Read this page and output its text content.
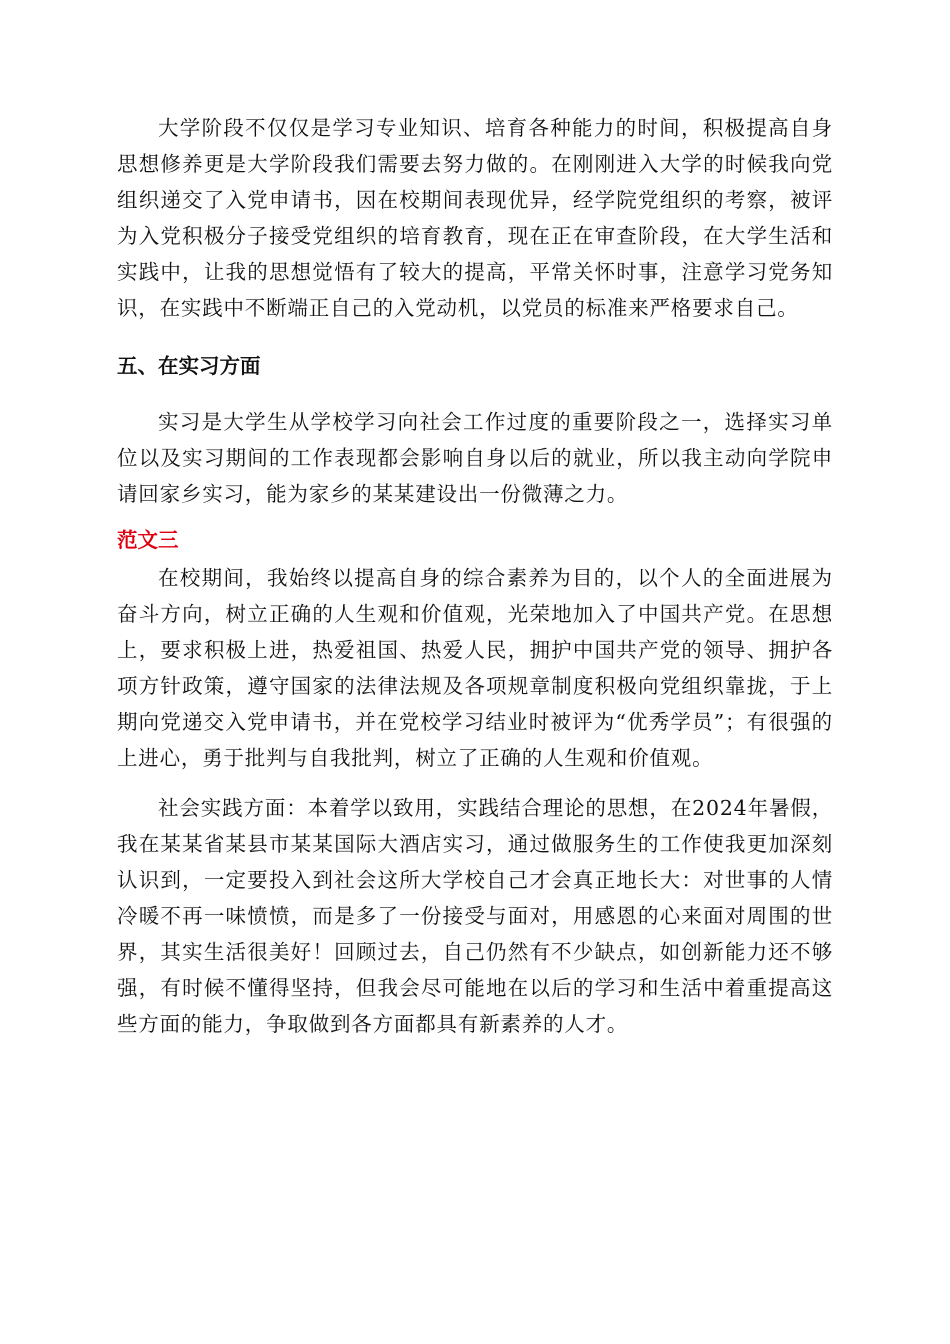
大学阶段不仅仅是学习专业知识、培育各种能力的时间，积极提高自身思想修养更是大学阶段我们需要去努力做的。在刚刚进入大学的时候我向党组织递交了入党申请书，因在校期间表现优异，经学院党组织的考察，被评为入党积极分子接受党组织的培育教育，现在正在审查阶段，在大学生活和实践中，让我的思想觉悟有了较大的提高，平常关怀时事，注意学习党务知识，在实践中不断端正自己的入党动机，以党员的标准来严格要求自己。

五、在实习方面

实习是大学生从学校学习向社会工作过度的重要阶段之一，选择实习单位以及实习期间的工作表现都会影响自身以后的就业，所以我主动向学院申请回家乡实习，能为家乡的某某建设出一份微薄之力。

范文三

在校期间，我始终以提高自身的综合素养为目的，以个人的全面进展为奋斗方向，树立正确的人生观和价值观，光荣地加入了中国共产党。在思想上，要求积极上进，热爱祖国、热爱人民，拥护中国共产党的领导、拥护各项方针政策，遵守国家的法律法规及各项规章制度积极向党组织靠拢，于上期向党递交入党申请书，并在党校学习结业时被评为“优秀学员”；有很强的上进心，勇于批判与自我批判，树立了正确的人生观和价值观。

社会实践方面：本着学以致用，实践结合理论的思想，在2024年暑假，我在某某省某县市某某国际大酒店实习，通过做服务生的工作使我更加深刻认识到，一定要投入到社会这所大学校自己才会真正地长大：对世事的人情冷暖不再一味愤愤，而是多了一份接受与面对，用感恩的心来面对周围的世界，其实生活很美好！回顾过去，自己仍然有不少缺点，如创新能力还不够强，有时候不懂得坚持，但我会尽可能地在以后的学习和生活中着重提高这些方面的能力，争取做到各方面都具有新素养的人才。
